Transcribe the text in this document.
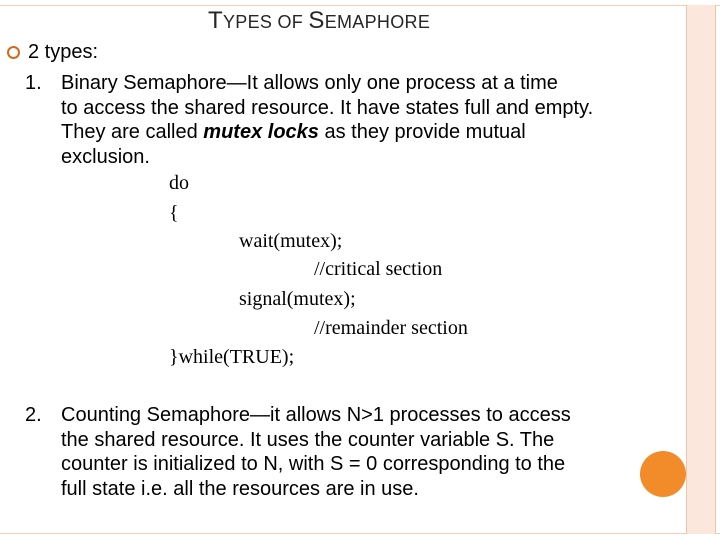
TYPES OF SEMAPHORE
2 types:
1. Binary Semaphore—It allows only one process at a time
to access the shared resource. It have states full and empty.
They are called mutex locks as they provide mutual
exclusion.
do
{
wait(mutex);
//critical section
signal(mutex);
//remainder section
}while(TRUE);
2. Counting Semaphore—it allows N>1 processes to access
the shared resource. It uses the counter variable S. The
counter is initialized to N, with S = 0 corresponding to the
full state i.e. all the resources are in use.
